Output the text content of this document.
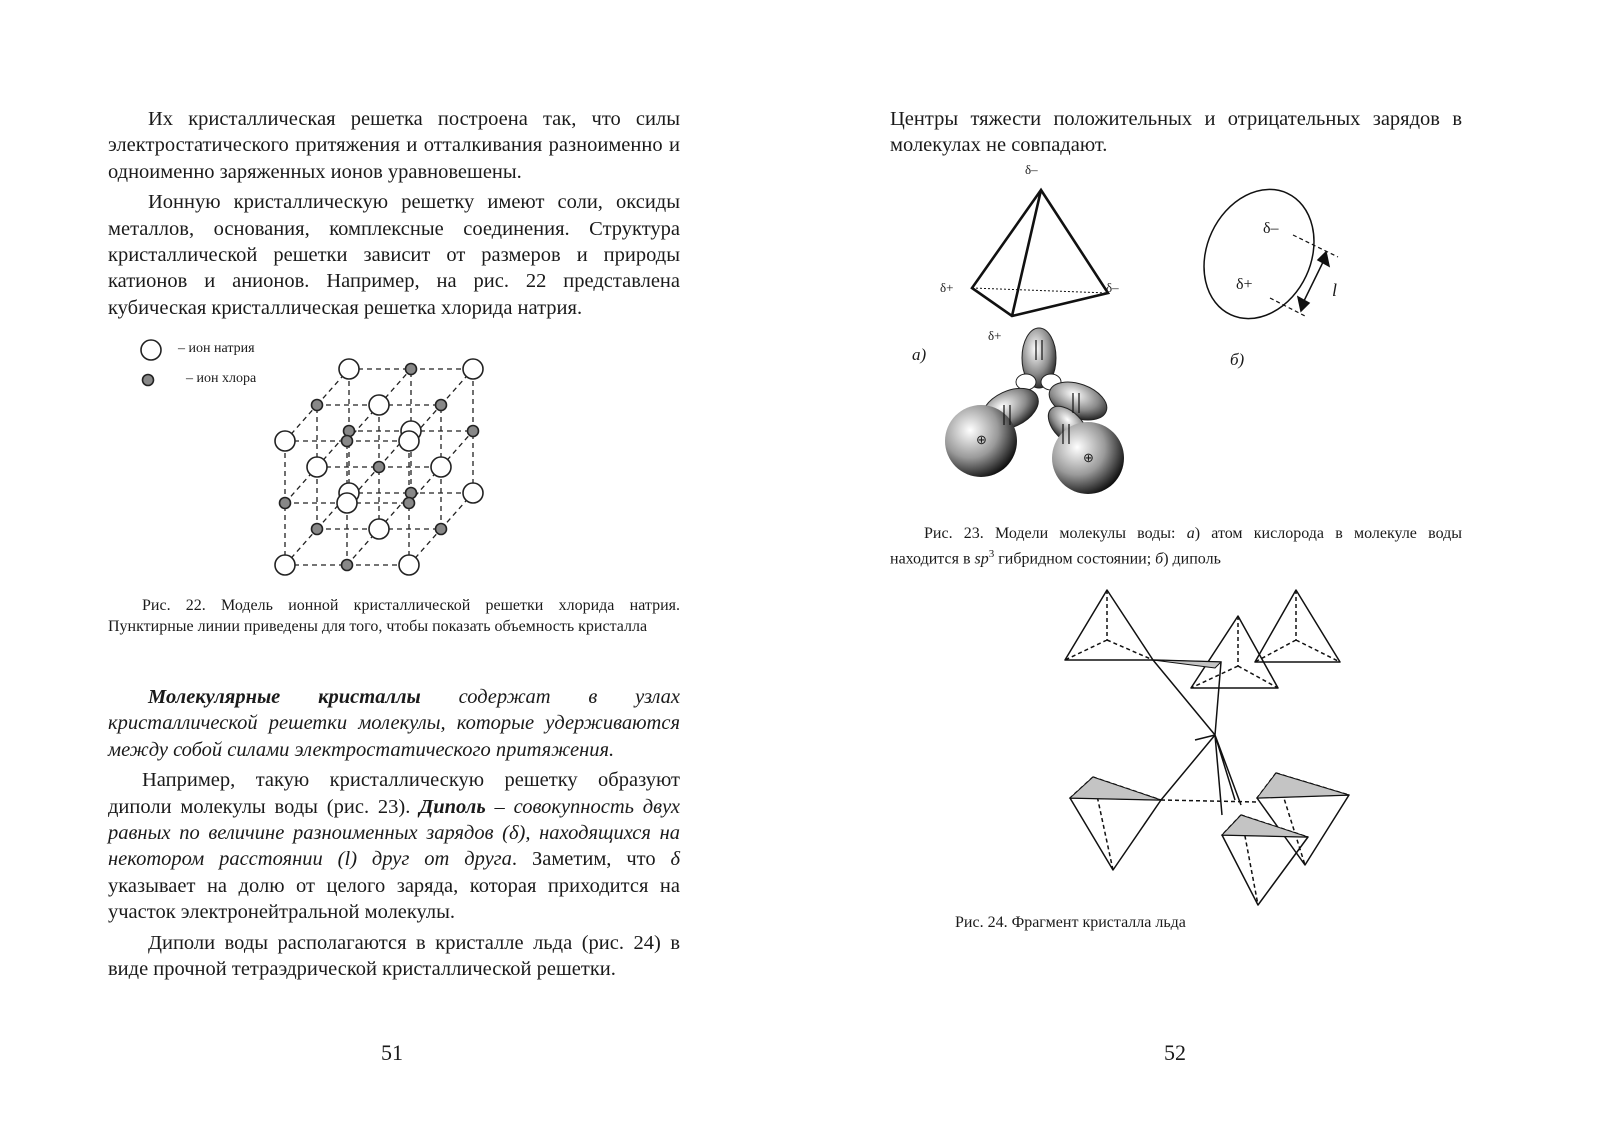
Их кристаллическая решетка построена так, что силы электростатического притяжения и отталкивания разноименно и одноименно заряженных ионов уравновешены.

Ионную кристаллическую решетку имеют соли, оксиды металлов, основания, комплексные соединения. Структура кристаллической решетки зависит от размеров и природы катионов и анионов. Например, на рис. 22 представлена кубическая кристаллическая решетка хлорида натрия.

– ион натрия
– ион хлора

Рис. 22. Модель ионной кристаллической решетки хлорида натрия. Пунктирные линии приведены для того, чтобы показать объемность кристалла

Молекулярные кристаллы содержат в узлах кристаллической решетки молекулы, которые удерживаются между собой силами электростатического притяжения.

Например, такую кристаллическую решетку образуют диполи молекулы воды (рис. 23). Диполь – совокупность двух равных по величине разноименных зарядов (δ), находящихся на некотором расстоянии (l) друг от друга. Заметим, что δ указывает на долю от целого заряда, которая приходится на участок электронейтральной молекулы.

Диполи воды располагаются в кристалле льда (рис. 24) в виде прочной тетраэдрической кристаллической решетки.

51

Центры тяжести положительных и отрицательных зарядов в молекулах не совпадают.

δ–
δ+	δ–
δ+
⊕
⊕
а)
δ–
δ+	l
б)

Рис. 23. Модели молекулы воды: а) атом кислорода в молекуле воды находится в $sp^3$ гибридном состоянии; б) диполь

Рис. 24. Фрагмент кристалла льда

52
